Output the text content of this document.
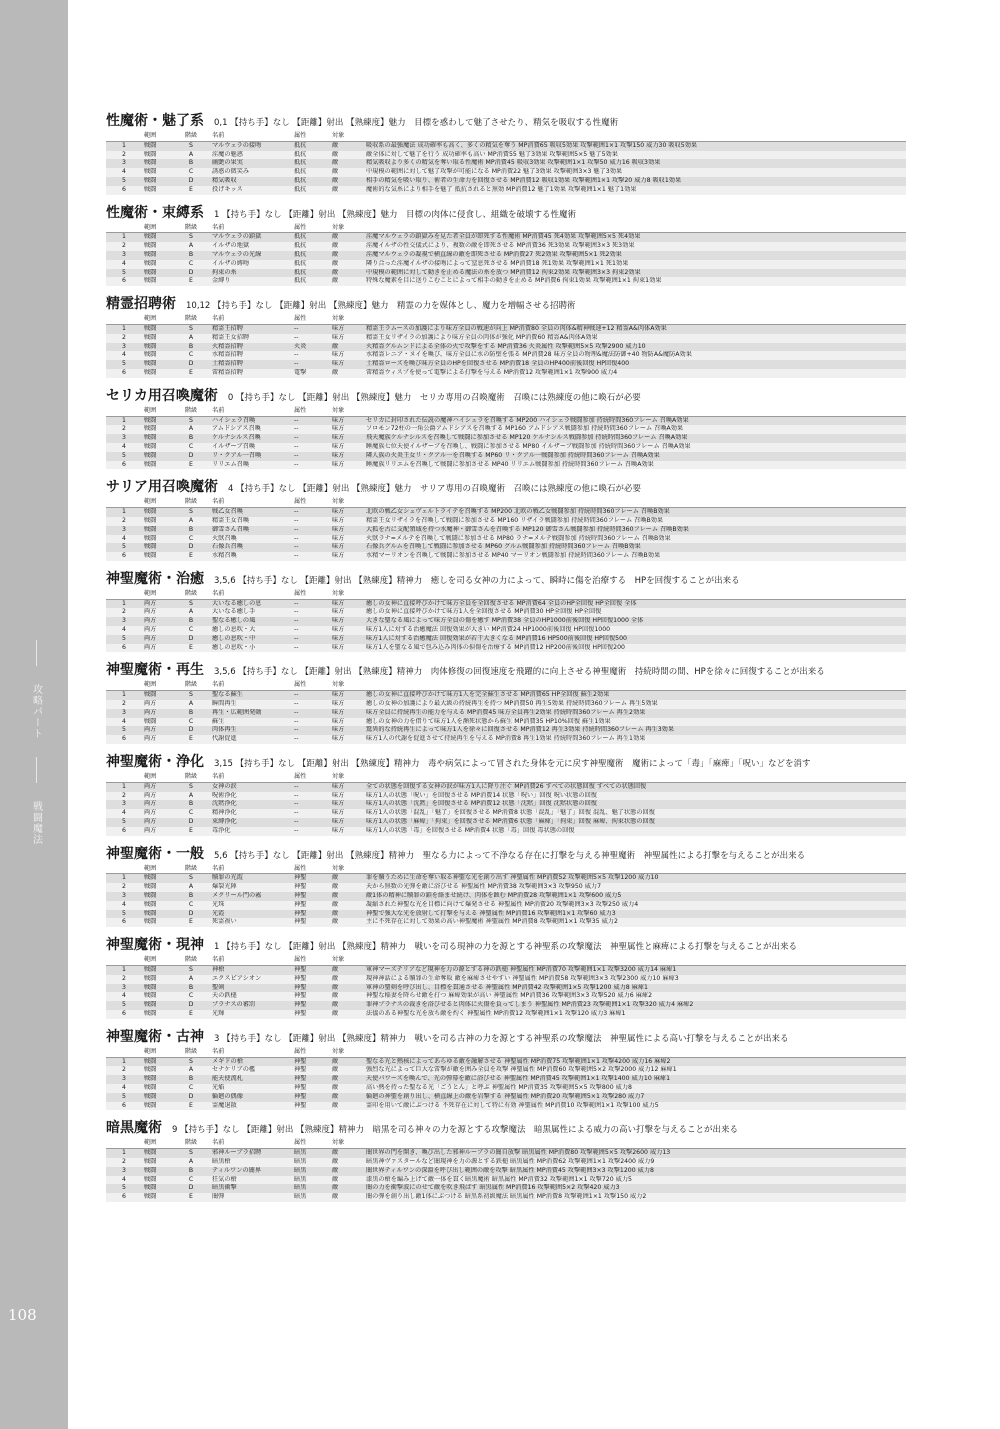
攻略パート
戦闘魔法
108
性魔術・魅了系 0,1 【持ち手】なし 【距離】射出 【熟練度】魅力　目標を惑わして魅了させたり、精気を吸収する性魔術
	範囲	階級	名前	属性	対象	
1	戦闘	S	マルウェラの接吻	抵抗	敵	吸収系の最強魔法 成功確率も高く、多くの精気を奪う MP消費65 吸収5効果 攻撃範囲1×1 攻撃150 威力30 吸収5効果
2	戦闘	A	淫魔の魅惑	抵抗	敵	敵全体に対して魅了を行う 成功確率も高い MP消費55 魅了3効果 攻撃範囲5×5 魅了5効果
3	戦闘	B	幽艶の果実	抵抗	敵	精気吸収より多くの精気を奪い取る性魔術 MP消費45 吸収3効果 攻撃範囲1×1 攻撃50 威力16 吸収3効果
4	戦闘	C	誘惑の微笑み	抵抗	敵	中規模の範囲に対して魅了攻撃が可能になる MP消費22 魅了3効果 攻撃範囲3×3 魅了3効果
5	戦闘	D	精気吸収	抵抗	敵	相手の精気を吸い取り、術者の生命力を回復させる MP消費12 吸収1効果 攻撃範囲1×1 攻撃20 威力8 吸収1効果
6	戦闘	E	投げキッス	抵抗	敵	魔術的な気糸により相手を魅了 抵抗されると無効 MP消費12 魅了1効果 攻撃範囲1×1 魅了1効果
性魔術・束縛系 1 【持ち手】なし 【距離】射出 【熟練度】魅力　目標の肉体に侵食し、組織を破壊する性魔術
	範囲	階級	名前	属性	対象	
1	戦闘	S	マルウェラの鎖獄	抵抗	敵	淫魔マルウェラの鎖獄みを見た者全員が即死する性魔術 MP消費45 死4効果 攻撃範囲5×5 死4効果
2	戦闘	A	イルザの地獄	抵抗	敵	淫魔イルザの性交儀式により、複数の敵を即死させる MP消費36 死3効果 攻撃範囲3×3 死3効果
3	戦闘	B	マルウェラの光線	抵抗	敵	淫魔マルウェラの凝視で横直線の敵を即死させる MP消費27 死2効果 攻撃範囲5×1 死2効果
4	戦闘	C	イルザの縛吻	抵抗	敵	隣り合った淫魔イルザの接吻によって窒息死させる MP消費18 死1効果 攻撃範囲1×1 死1効果
5	戦闘	D	拘束の糸	抵抗	敵	中規模の範囲に対して動きを止める魔法の糸を放つ MP消費12 拘束2効果 攻撃範囲3×3 拘束2効果
6	戦闘	E	金縛り	抵抗	敵	特殊な魔素を目に送りこむことによって相手の動きを止める MP消費6 拘束1効果 攻撃範囲1×1 拘束1効果
精霊招聘術 10,12 【持ち手】なし 【距離】射出 【熟練度】魅力　精霊の力を媒体とし、魔力を増幅させる招聘術
	範囲	階級	名前	属性	対象	
1	戦闘	S	精霊王招聘	--	味方	精霊王ラムースの加護により味方全員の戦速が向上 MP消費80 全員の肉体&精神戦速+12 精霊A&肉体A効果
2	戦闘	A	精霊王女招聘	--	味方	精霊王女リザイラの加護により味方全員の肉体が強化 MP消費60 精霊A&肉体A効果
3	戦闘	B	火精霊招聘	火炎	敵	火精霊グルムンドによる全体の火で攻撃をする MP消費36 火炎属性 攻撃範囲5×5 攻撃2900 威力10
4	戦闘	C	水精霊招聘	--	味方	水精霊レニア・ヌイを喚び、味方全員に水の防壁を張る MP消費28 味方全員の物理&魔法防御+40 物防A&魔防A効果
5	戦闘	D	土精霊招聘	--	味方	土精霊ローズを喚び味方全員のHPを回復させる MP消費18 全員のHP400前後回復 HP回復400
6	戦闘	E	雷精霊招聘	電撃	敵	雷精霊ウィスプを使って電撃による打撃を与える MP消費12 攻撃範囲1×1 攻撃900 威力4
セリカ用召喚魔術 0 【持ち手】なし 【距離】射出 【熟練度】魅力　セリカ専用の召喚魔術　召喚には熟練度の他に喚石が必要
	範囲	階級	名前	属性	対象	
1	戦闘	S	ハイシェラ召喚	--	味方	セリカに封印された伝説の魔神ハイシェラを召喚する MP200 ハイシェラ戦闘参加 持続時間360フレーム 召喚A効果
2	戦闘	A	アムドシアス召喚	--	味方	ソロモン72柱の一角公爵アムドシアスを召喚する MP160 アムドシアス戦闘参加 持続時間360フレーム 召喚A効果
3	戦闘	B	ケルナシルス召喚	--	味方	飛天魔族ケルナシルスを召喚して戦闘に参加させる MP120 ケルナシルス戦闘参加 持続時間360フレーム 召喚A効果
4	戦闘	C	イルザーブ召喚	--	味方	睡魔族七位天使イルザーブを召喚し、戦闘に参加させる MP80 イルザーブ戦闘参加 持続時間360フレーム 召喚A効果
5	戦闘	D	リ・クアル一召喚	--	味方	隣人族の火炎王女リ・クアル一を召喚する MP60 リ・クアル一戦闘参加 持続時間360フレーム 召喚A効果
6	戦闘	E	リリエム召喚	--	味方	睡魔族リリエムを召喚して戦闘に参加させる MP40 リリエム戦闘参加 持続時間360フレーム 召喚A効果
サリア用召喚魔術 4 【持ち手】なし 【距離】射出 【熟練度】魅力　サリア専用の召喚魔術　召喚には熟練度の他に喚石が必要
	範囲	階級	名前	属性	対象	
1	戦闘	S	戦乙女召喚	--	味方	北欧の戦乙女シュヴェルトライテを召喚する MP200 北欧の戦乙女戦闘参加 持続時間360フレーム 召喚B効果
2	戦闘	A	精霊王女召喚	--	味方	精霊王女リザイラを召喚して戦闘に参加させる MP160 リザイラ戦闘参加 持続時間360フレーム 召喚B効果
3	戦闘	B	御雪さん召喚	--	味方	大狐を古に支配領域を持つ水魔神・御雪さんを召喚する MP120 御雪さん戦闘参加 持続時間360フレーム 召喚B効果
4	戦闘	C	火獣召喚	--	味方	火獣ラナ=メルテを召喚して戦闘に参加させる MP80 ラナ=メルテ戦闘参加 持続時間360フレーム 召喚B効果
5	戦闘	D	石像兵召喚	--	味方	石像兵グルムを召喚して戦闘に参加させる MP60 グルム戦闘参加 持続時間360フレーム 召喚B効果
6	戦闘	E	水精召喚	--	味方	水精マーリオンを召喚して戦闘に参加させる MP40 マーリオン戦闘参加 持続時間360フレーム 召喚B効果
神聖魔術・治癒 3,5,6 【持ち手】なし 【距離】射出 【熟練度】精神力　癒しを司る女神の力によって、瞬時に傷を治療する　HPを回復することが出来る
	範囲	階級	名前	属性	対象	
1	両方	S	大いなる癒しの息	--	味方	癒しの女神に直接呼びかけて味方全員を全回復させる MP消費64 全員のHP全回復 HP全回復 全体
2	両方	A	大いなる癒し手	--	味方	癒しの女神に直接呼びかけて味方1人を全回復させる MP消費30 HP全回復 HP全回復
3	両方	B	聖なる癒しの風	--	味方	大きな聖なる風によって味方全員の傷を癒す MP消費38 全員のHP1000前後回復 HP回復1000 全体
4	両方	C	癒しの息吹・大	--	味方	味方1人に対する治癒魔法 回復効果が大きい MP消費24 HP1000前後回復 HP回復1000
5	両方	D	癒しの息吹・中	--	味方	味方1人に対する治癒魔法 回復効果が若干大きくなる MP消費16 HP500前後回復 HP回復500
6	両方	E	癒しの息吹・小	--	味方	味方1人を聖なる風で包み込み肉体の損傷を治療する MP消費12 HP200前後回復 HP回復200
神聖魔術・再生 3,5,6 【持ち手】なし 【距離】射出 【熟練度】精神力　肉体修復の回復速度を飛躍的に向上させる神聖魔術　持続時間の間、HPを徐々に回復することが出来る
	範囲	階級	名前	属性	対象	
1	戦闘	S	聖なる蘇生	--	味方	癒しの女神に直接呼びかけて味方1人を完全蘇生させる MP消費65 HP全回復 蘇生2効果
2	両方	A	瞬間再生	--	味方	癒しの女神の加護により最大級の持続再生を持つ MP消費50 再生5効果 持続時間360フレーム 再生5効果
3	両方	B	再生・広範囲発動	--	味方	味方全員に持続再生の能力を与える MP消費45 味方全員再生2効果 持続時間360フレーム 再生2効果
4	戦闘	C	蘇生	--	味方	癒しの女神の力を借りて味方1人を瀕死状態から蘇生 MP消費35 HP10%回復 蘇生1効果
5	両方	D	肉体再生	--	味方	驚異的な持続再生によって味方1人を徐々に回復させる MP消費12 再生3効果 持続時間360フレーム 再生3効果
6	両方	E	代謝促進	--	味方	味方1人の代謝を促進させて持続再生を与える MP消費8 再生1効果 持続時間360フレーム 再生1効果
神聖魔術・浄化 3,15 【持ち手】なし 【距離】射出 【熟練度】精神力　毒や病気によって冒された身体を元に戻す神聖魔術　魔術によって「毒」「麻痺」「呪い」などを消す
	範囲	階級	名前	属性	対象	
1	両方	S	女神の涙	--	味方	全ての状態を回復する女神の涙が味方1人に降り注ぐ MP消費26 すべての状態回復 すべての状態回復
2	両方	A	呪術浄化	--	味方	味方1人の状態「呪い」を回復させる MP消費14 状態「呪い」回復 呪い状態の回復
3	両方	B	沈黙浄化	--	味方	味方1人の状態「沈黙」を回復させる MP消費12 状態「沈黙」回復 沈黙状態の回復
4	両方	C	精神浄化	--	味方	味方1人の状態「混乱」「魅了」を回復させる MP消費8 状態「混乱」「魅了」回復 混乱、魅了状態の回復
5	両方	D	束縛浄化	--	味方	味方1人の状態「麻痺」「拘束」を回復させる MP消費6 状態「麻痺」「拘束」回復 麻痺、拘束状態の回復
6	両方	E	毒浄化	--	味方	味方1人の状態「毒」を回復させる MP消費4 状態「毒」回復 毒状態の回復
神聖魔術・一般 5,6 【持ち手】なし 【距離】射出 【熟練度】精神力　聖なる力によって不浄なる存在に打撃を与える神聖魔術　神聖属性による打撃を与えることが出来る
	範囲	階級	名前	属性	対象	
1	戦闘	S	贖罪の光霞	神聖	敵	罪を贖うために生命を奪い取る神聖な光を創り出す 神聖属性 MP消費52 攻撃範囲5×5 攻撃1200 威力10
2	戦闘	A	爆裂光陣	神聖	敵	天から無数の光弾を敵に浴びせる 神聖属性 MP消費38 攻撃範囲3×3 攻撃950 威力7
3	戦闘	B	メクリール門の霧	神聖	敵	敵1体の精神に贖罪の鎖を絡ませ続け、肉体を蝕む MP消費28 攻撃範囲1×1 攻撃600 威力5
4	戦闘	C	光珠	神聖	敵	凝縮された神聖な光を目標に向けて爆発させる 神聖属性 MP消費20 攻撃範囲3×3 攻撃250 威力4
5	戦闘	D	光霞	神聖	敵	神聖で強大な光を放射して打撃を与える 神聖属性 MP消費16 攻撃範囲1×1 攻撃60 威力3
6	戦闘	E	死霊祓い	神聖	敵	主に不死存在に対して効果の高い神聖魔術 神聖属性 MP消費8 攻撃範囲1×1 攻撃35 威力2
神聖魔術・現神 1 【持ち手】なし 【距離】射出 【熟練度】精神力　戦いを司る現神の力を源とする神聖系の攻撃魔法　神聖属性と麻痺による打撃を与えることが出来る
	範囲	階級	名前	属性	対象	
1	戦闘	S	神槍	神聖	敵	軍神マーズテリアなど現神を力の源とする神の鉄槌 神聖属性 MP消費70 攻撃範囲1×1 攻撃3200 威力14 麻痺1
2	戦闘	A	エクスピアシオン	神聖	敵	現神神話による贖罪の生命奪取 敵を麻痺させやすい 神聖属性 MP消費58 攻撃範囲3×3 攻撃2300 威力10 麻痺3
3	戦闘	B	聖剣	神聖	敵	軍神の聖剣を呼び出し、目標を貫通させる 神聖属性 MP消費42 攻撃範囲1×5 攻撃1200 威力8 麻痺1
4	戦闘	C	天の鉄槌	神聖	敵	神聖な稲妻を降らせ敵を打つ 麻痺効果が高い 神聖属性 MP消費36 攻撃範囲3×3 攻撃520 威力6 麻痺2
5	戦闘	D	プラナスの審罰	神聖	敵	罪神プラナスの裁きを浴びせると肉体に火傷を負ってしまう 神聖属性 MP消費23 攻撃範囲1×1 攻撃320 威力4 麻痺2
6	戦闘	E	光輝	神聖	敵	法儀のある神聖な光を放ち敵を灼く 神聖属性 MP消費12 攻撃範囲1×1 攻撃120 威力3 麻痺1
神聖魔術・古神 3 【持ち手】なし 【距離】射出 【熟練度】精神力　戦いを司る古神の力を源とする神聖系の攻撃魔法　神聖属性による高い打撃を与えることが出来る
	範囲	階級	名前	属性	対象	
1	戦闘	S	メギドの槍	神聖	敵	聖なる光と熱核によってあらゆる敵を融解させる 神聖属性 MP消費75 攻撃範囲1×1 攻撃4200 威力16 麻痺2
2	戦闘	A	セナケリブの檻	神聖	敵	強烈な光によって巨大な雷撃が敵を囲み全員を攻撃 神聖属性 MP消費60 攻撃範囲5×2 攻撃2000 威力12 麻痺1
3	戦闘	B	能天使流札	神聖	敵	天使パワーズを喚んで、光の弾幕を敵に浴びせる 神聖属性 MP消費45 攻撃範囲1×1 攻撃1400 威力10 麻痺1
4	戦闘	C	光焔	神聖	敵	高い熱を持った聖なる光「ごうとん」と呼ぶ 神聖属性 MP消費35 攻撃範囲5×5 攻撃800 威力8
5	戦闘	D	輪廻の偶像	神聖	敵	輪廻の神聖を創り出し、横直線上の敵を岩撃する 神聖属性 MP消費20 攻撃範囲5×1 攻撃280 威力7
6	戦闘	E	霊魔退散	神聖	敵	霊印を用いて敵にぶつける 不死存在に対して特に有効 神聖属性 MP消費10 攻撃範囲1×1 攻撃100 威力5
暗黒魔術 9 【持ち手】なし 【距離】射出 【熟練度】精神力　暗黒を司る神々の力を源とする攻撃魔法　暗黒属性による威力の高い打撃を与えることが出来る
	範囲	階級	名前	属性	対象	
1	戦闘	S	邪神ルーブラ招聘	暗黒	敵	闇世界の門を開き、喚び出した邪神ルーブラの闇自放撃 暗黒属性 MP消費80 攻撃範囲5×5 攻撃2600 威力13
2	戦闘	A	暗黒槍	暗黒	敵	暗黒神ヴァスタールなど闇現神を力の源とする鉄槌 暗黒属性 MP消費62 攻撃範囲1×1 攻撃2400 威力9
3	戦闘	B	ティルワンの闇界	暗黒	敵	闇世界ティルワンの深淵を呼び出し範囲の敵を攻撃 暗黒属性 MP消費45 攻撃範囲3×3 攻撃1200 威力8
4	戦闘	C	狂気の槍	暗黒	敵	漆黒の槍を編み上げて敵一体を貫く暗黒魔術 暗黒属性 MP消費32 攻撃範囲1×1 攻撃720 威力5
5	戦闘	D	暗黒衝撃	暗黒	敵	闇の力を衝撃波にのせて敵を吹き飛ばす 暗黒属性 MP消費16 攻撃範囲5×2 攻撃420 威力3
6	戦闘	E	闇弾	暗黒	敵	闇の弾を創り出し敵1体にぶつける 暗黒系初級魔法 暗黒属性 MP消費8 攻撃範囲1×1 攻撃150 威力2
